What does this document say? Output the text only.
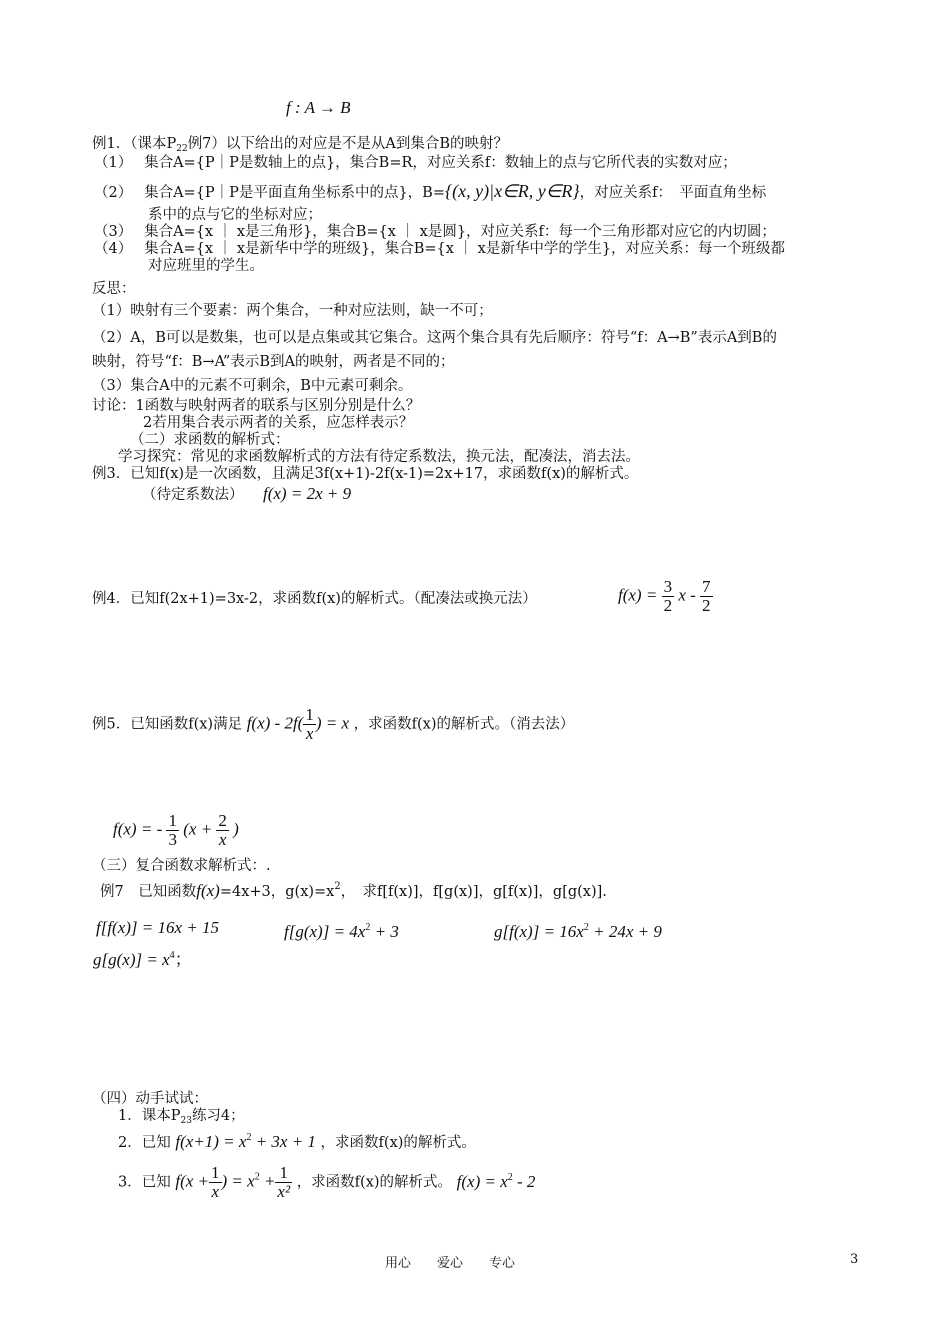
f : A → B
例1．（课本$P_{22}$例7）以下给出的对应是不是从A到集合B的映射？
（1）　 集合A={P｜P是数轴上的点}，集合B=R，对应关系f：数轴上的点与它所代表的实数对应；
（2）　 集合A={P｜P是平面直角坐标系中的点}，B={(x, y)|x∈R, y∈R}，对应关系f：　平面直角坐标
系中的点与它的坐标对应；
（3）　 集合A={x ｜ x是三角形}，集合B={x ｜ x是圆}，对应关系f：每一个三角形都对应它的内切圆；
（4）　 集合A={x ｜ x是新华中学的班级}，集合B={x ｜ x是新华中学的学生}，对应关系：每一个班级都
对应班里的学生。
反思：
（1）映射有三个要素：两个集合，一种对应法则，缺一不可；
（2）A，B可以是数集，也可以是点集或其它集合。这两个集合具有先后顺序：符号“f：A→B”表示A到B的
映射，符号“f：B→A”表示B到A的映射，两者是不同的；
（3）集合A中的元素不可剩余，B中元素可剩余。
讨论：1函数与映射两者的联系与区别分别是什么？
2若用集合表示两者的关系，应怎样表示？
（二）求函数的解析式：
学习探究：常见的求函数解析式的方法有待定系数法，换元法，配凑法，消去法。
例3．已知f(x)是一次函数，且满足3f(x+1)-2f(x-1)=2x+17，求函数f(x)的解析式。
（待定系数法） f(x) = 2x + 9
例4．已知f(2x+1)=3x-2，求函数f(x)的解析式。（配凑法或换元法）	$f(x) = \frac{3}{2}$ x - $\frac{7}{2}$
例5．已知函数f(x)满足 $f(x) - 2f( \frac{1}{x}$ ) = x ，求函数f(x)的解析式。（消去法）
f(x) = - $\frac{1}{3} (x + \frac{2}{x}$ )
（三）复合函数求解析式：.
例7　已知函数f(x)=4x+3，$g(x)=x^2$，　求f[f(x)]，f[g(x)]，g[f(x)]，g[g(x)].
f[f(x)] = 16x + 15	$f[g(x)] = 4x^2 + 3$	$g[f(x)] = 16x^2 + 24x + 9$
$g[g(x)] = x^4$；
（四）动手试试：
1．课本$P_{23}$练习4；
2．已知 $f(x+1) = x^2 + 3x + 1$ ，求函数f(x)的解析式。
3．已知 $f(x + \frac{1}{x}$ ) = $x^2 + \frac{1}{\text{x²}}$ ，求函数f(x)的解析式。 $f(x) = x^2 - 2$
用心　　爱心　　专心	3
